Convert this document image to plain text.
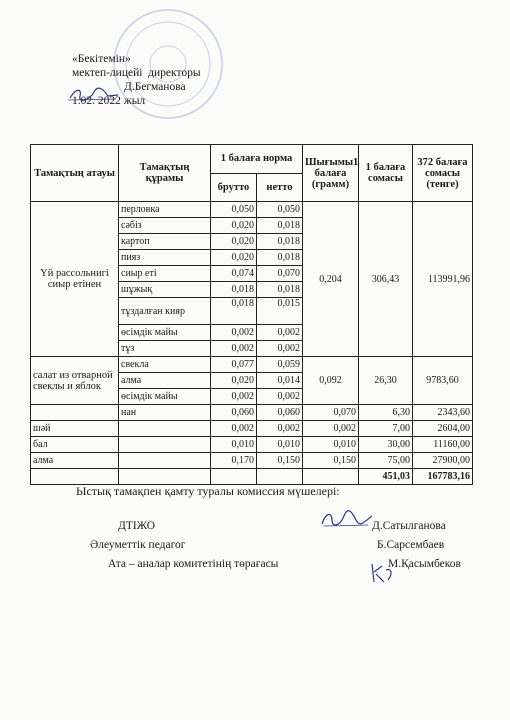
«Бекітемін»
мектеп-лицейі  директоры
Д.Бегманова
1.02. 2022 жыл
Тамақтың атауы	Тамақтың құрамы	1 балаға норма		Шығымы1 балаға (грамм)	1 балаға сомасы	372 балаға сомасы (тенге)
		брутто	нетто			
Үй рассольнигі сиыр етінен	перловка	0,050	0,050	0,204	306,43	113991,96
	сәбіз	0,020	0,018			
	картоп	0,020	0,018			
	пияз	0,020	0,018			
	сиыр еті	0,074	0,070			
	шұжық	0,018	0,018			
	тұздалған кияр	0,018	0,015			
	өсімдік майы	0,002	0,002			
	тұз	0,002	0,002			
салат из отварной свеклы и яблок	свекла	0,077	0,059	0,092	26,30	9783,60
	алма	0,020	0,014			
	өсімдік майы	0,002	0,002			
	нан	0,060	0,060	0,070	6,30	2343,60
шәй		0,002	0,002	0,002	7,00	2604,00
бал		0,010	0,010	0,010	30,00	11160,00
алма		0,170	0,150	0,150	75,00	27900,00
					451,03	167783,16
Ыстық тамақпен қамту туралы комиссия мүшелері:
ДТІЖО	Д.Сатылганова
Әлеуметтік педагог	Б.Сарсембаев
Ата – аналар комитетінің төрағасы	М.Қасымбеков
